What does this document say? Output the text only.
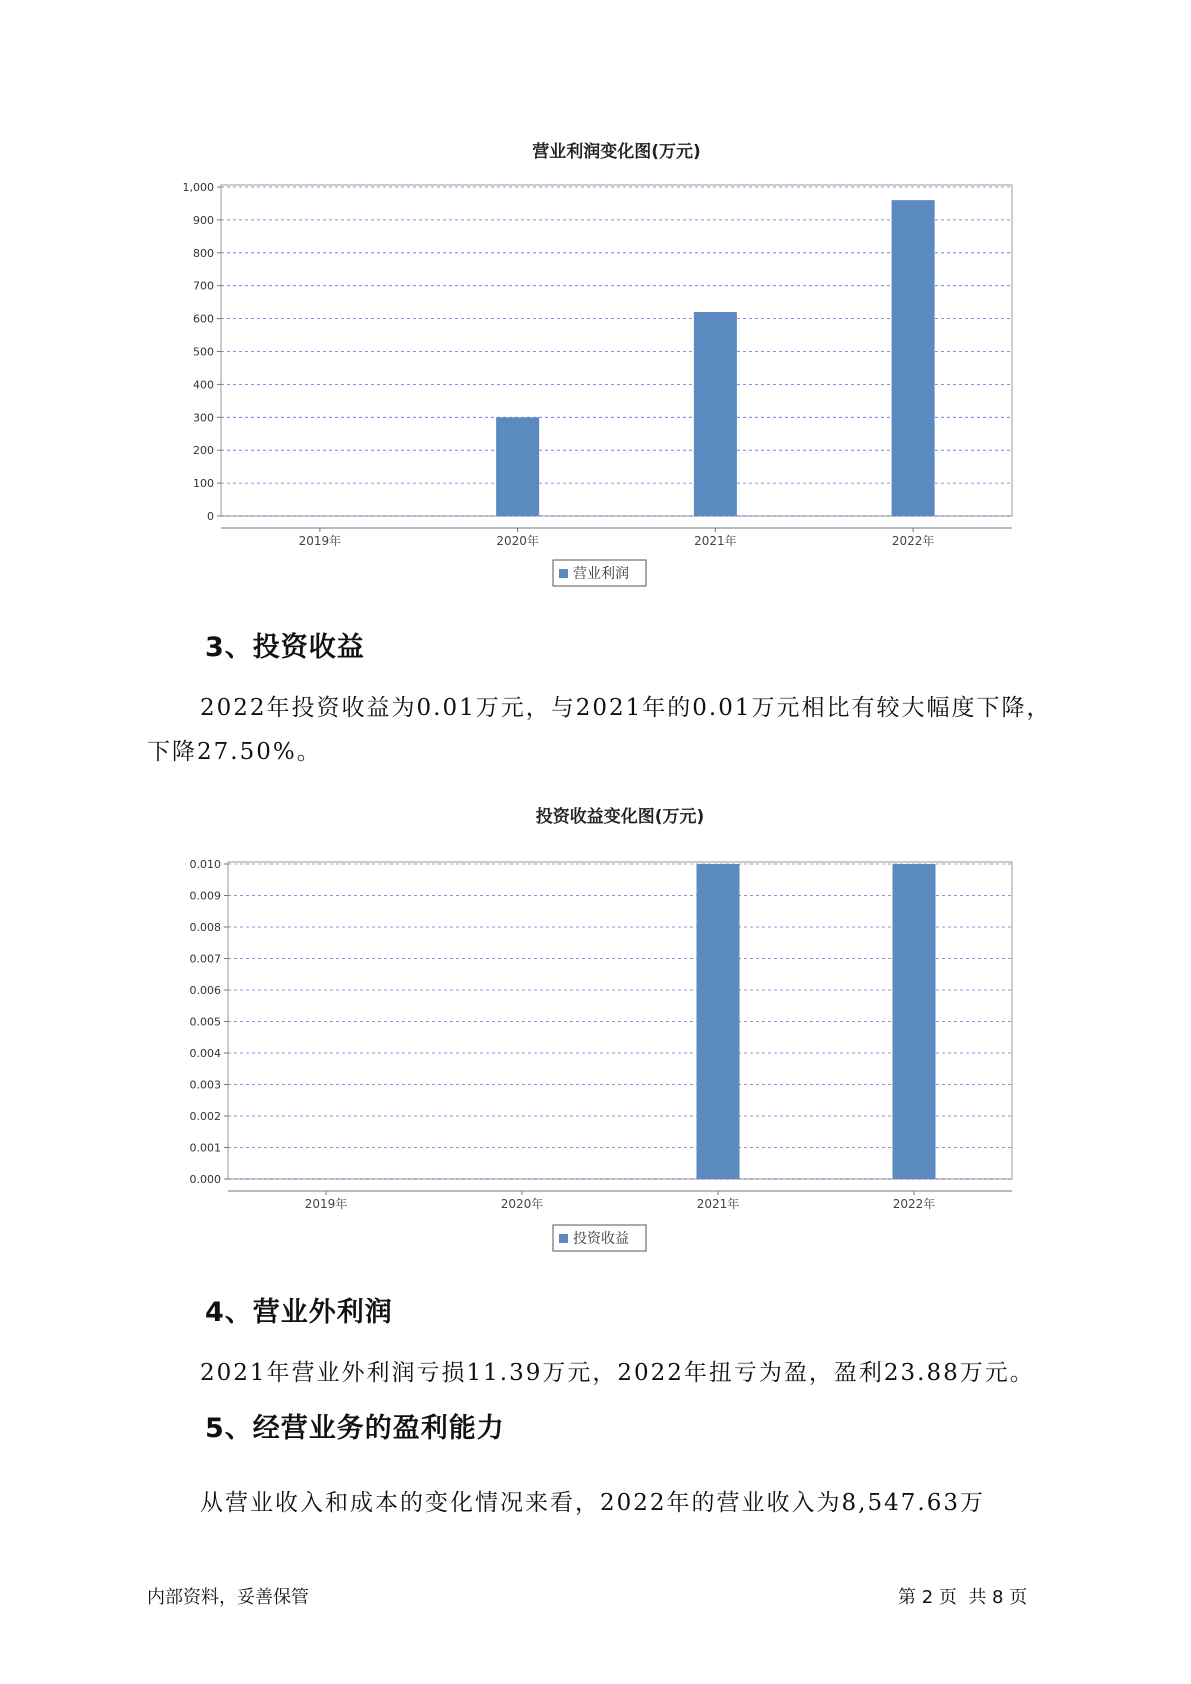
营业利润变化图(万元)
1,000
900
800
700
600
500
400
300
200
100
0
2019年	2020年	2021年	2022年
营业利润
3、投资收益

2022年投资收益为0.01万元，与2021年的0.01万元相比有较大幅度下降，下降27.50%。

投资收益变化图(万元)
0.010
0.009
0.008
0.007
0.006
0.005
0.004
0.003
0.002
0.001
0.000
2019年	2020年	2021年	2022年
投资收益
4、营业外利润

2021年营业外利润亏损11.39万元，2022年扭亏为盈，盈利23.88万元。

5、经营业务的盈利能力

从营业收入和成本的变化情况来看，2022年的营业收入为8,547.63万

内部资料，妥善保管	第 2 页  共 8 页
